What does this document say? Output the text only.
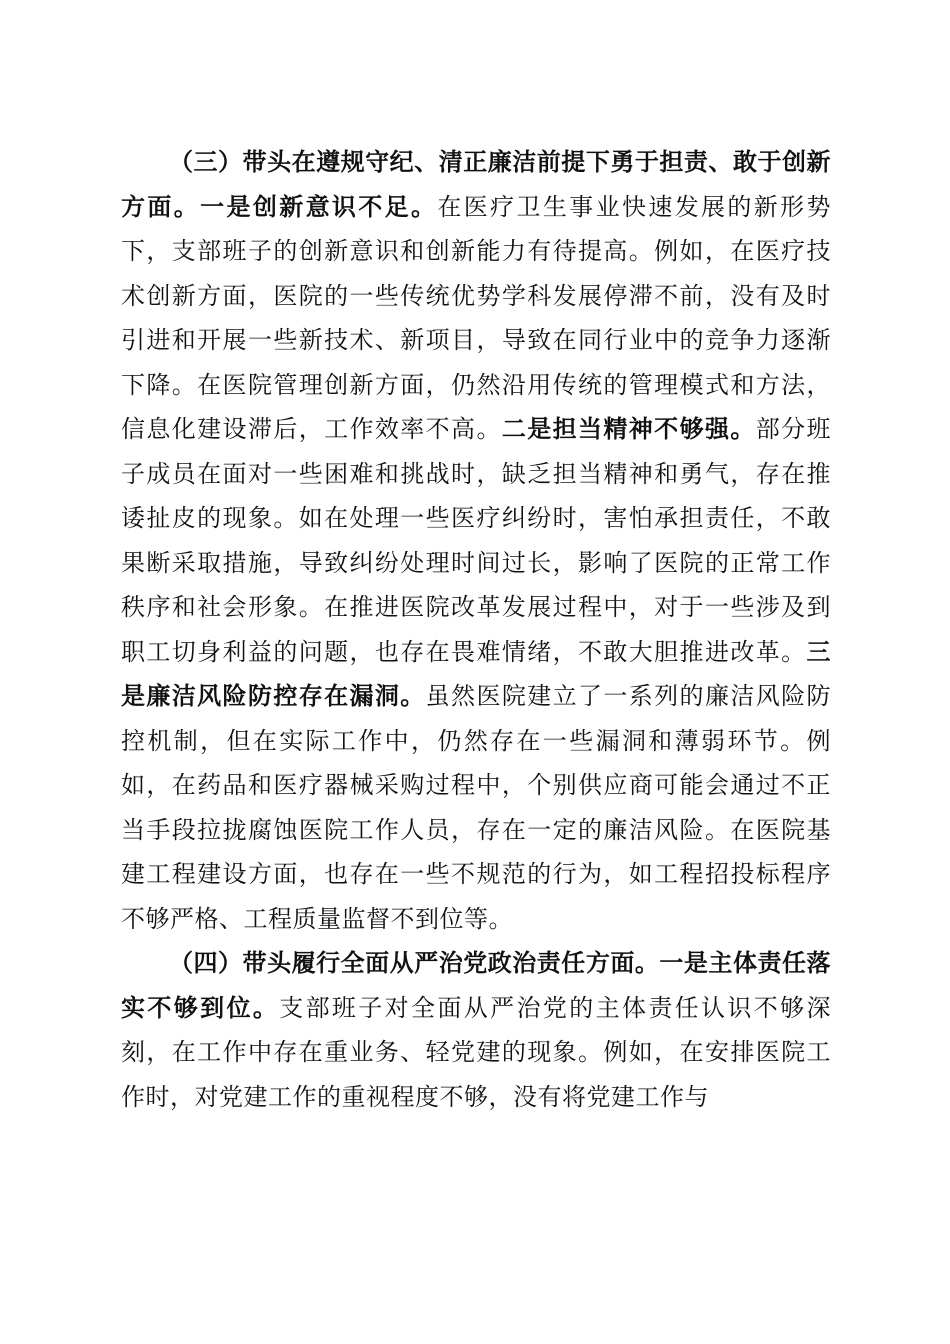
（三）带头在遵规守纪、清正廉洁前提下勇于担责、敢于创新方面。一是创新意识不足。在医疗卫生事业快速发展的新形势下，支部班子的创新意识和创新能力有待提高。例如，在医疗技术创新方面，医院的一些传统优势学科发展停滞不前，没有及时引进和开展一些新技术、新项目，导致在同行业中的竞争力逐渐下降。在医院管理创新方面，仍然沿用传统的管理模式和方法，信息化建设滞后，工作效率不高。二是担当精神不够强。部分班子成员在面对一些困难和挑战时，缺乏担当精神和勇气，存在推诿扯皮的现象。如在处理一些医疗纠纷时，害怕承担责任，不敢果断采取措施，导致纠纷处理时间过长，影响了医院的正常工作秩序和社会形象。在推进医院改革发展过程中，对于一些涉及到职工切身利益的问题，也存在畏难情绪，不敢大胆推进改革。三是廉洁风险防控存在漏洞。虽然医院建立了一系列的廉洁风险防控机制，但在实际工作中，仍然存在一些漏洞和薄弱环节。例如，在药品和医疗器械采购过程中，个别供应商可能会通过不正当手段拉拢腐蚀医院工作人员，存在一定的廉洁风险。在医院基建工程建设方面，也存在一些不规范的行为，如工程招投标程序不够严格、工程质量监督不到位等。

（四）带头履行全面从严治党政治责任方面。一是主体责任落实不够到位。支部班子对全面从严治党的主体责任认识不够深刻，在工作中存在重业务、轻党建的现象。例如，在安排医院工作时，对党建工作的重视程度不够，没有将党建工作与
